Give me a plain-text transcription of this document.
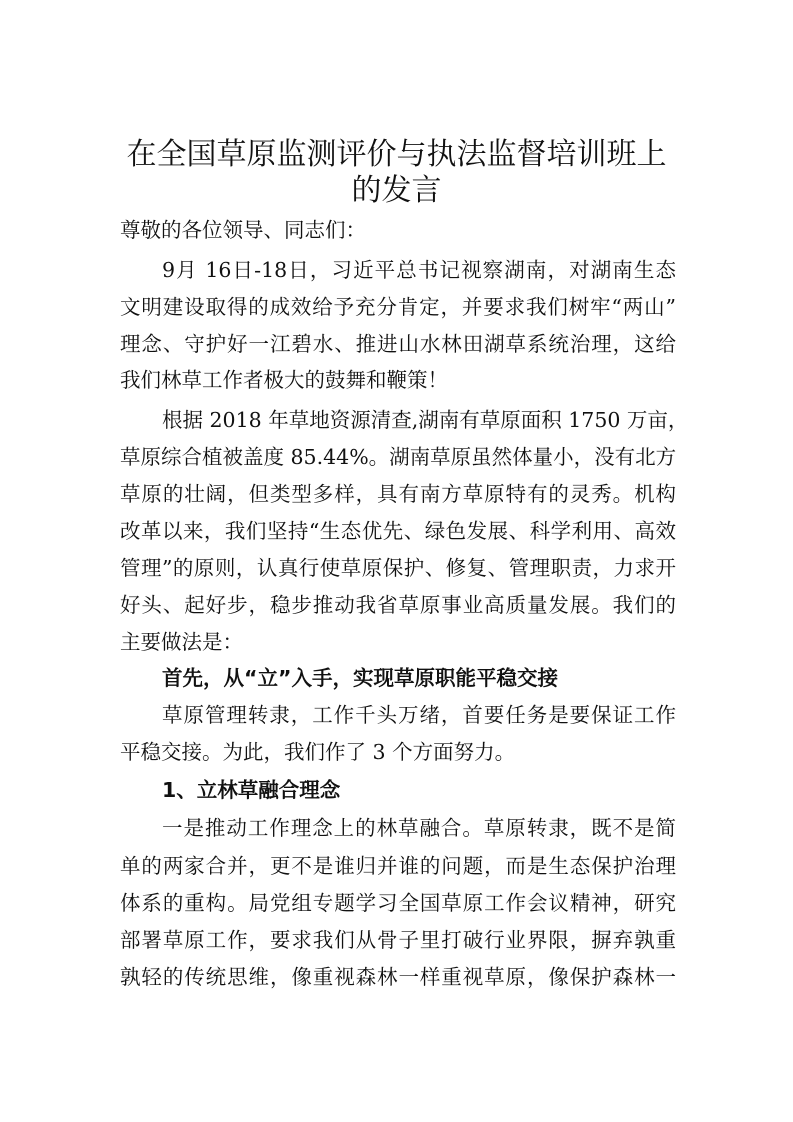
在全国草原监测评价与执法监督培训班上
的发言
尊敬的各位领导、同志们：
9月 16日-18日，习近平总书记视察湖南，对湖南生态
文明建设取得的成效给予充分肯定，并要求我们树牢“两山”
理念、守护好一江碧水、推进山水林田湖草系统治理，这给
我们林草工作者极大的鼓舞和鞭策！
根据 2018 年草地资源清查,湖南有草原面积 1750 万亩，
草原综合植被盖度 85.44%。湖南草原虽然体量小，没有北方
草原的壮阔，但类型多样，具有南方草原特有的灵秀。机构
改革以来，我们坚持“生态优先、绿色发展、科学利用、高效
管理”的原则，认真行使草原保护、修复、管理职责，力求开
好头、起好步，稳步推动我省草原事业高质量发展。我们的
主要做法是：
首先，从“立”入手，实现草原职能平稳交接
草原管理转隶，工作千头万绪，首要任务是要保证工作
平稳交接。为此，我们作了 3 个方面努力。
1、立林草融合理念
一是推动工作理念上的林草融合。草原转隶，既不是简
单的两家合并，更不是谁归并谁的问题，而是生态保护治理
体系的重构。局党组专题学习全国草原工作会议精神，研究
部署草原工作，要求我们从骨子里打破行业界限，摒弃孰重
孰轻的传统思维，像重视森林一样重视草原，像保护森林一
